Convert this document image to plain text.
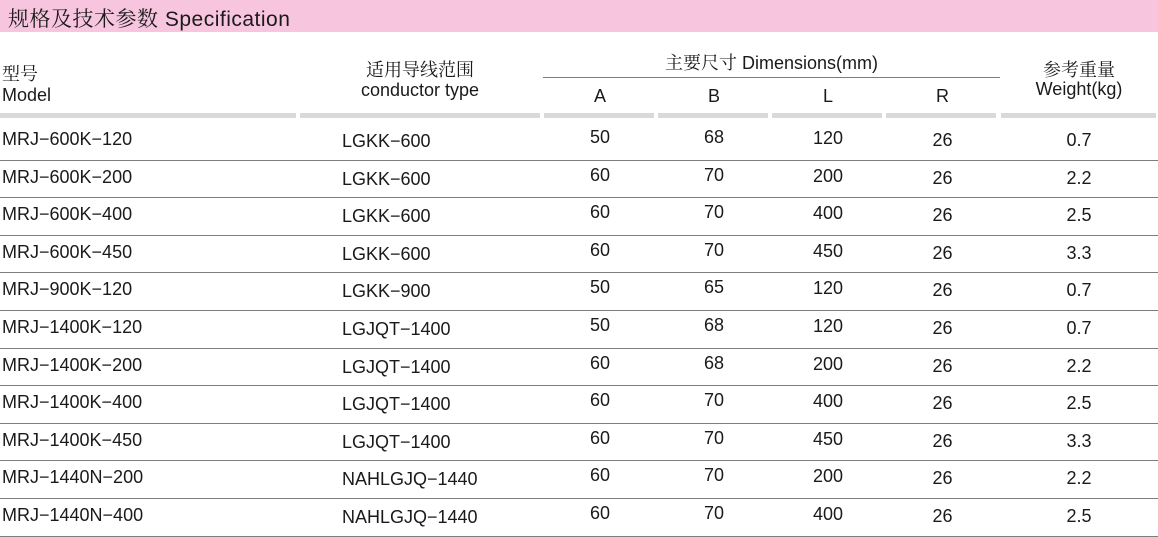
规格及技术参数 Specification
型号
Model
适用导线范围
conductor type
主要尺寸 Dimensions(mm)
A	B	L	R
参考重量
Weight(kg)
MRJ−600K−120	LGKK−600	50	68	120	26	0.7
MRJ−600K−200	LGKK−600	60	70	200	26	2.2
MRJ−600K−400	LGKK−600	60	70	400	26	2.5
MRJ−600K−450	LGKK−600	60	70	450	26	3.3
MRJ−900K−120	LGKK−900	50	65	120	26	0.7
MRJ−1400K−120	LGJQT−1400	50	68	120	26	0.7
MRJ−1400K−200	LGJQT−1400	60	68	200	26	2.2
MRJ−1400K−400	LGJQT−1400	60	70	400	26	2.5
MRJ−1400K−450	LGJQT−1400	60	70	450	26	3.3
MRJ−1440N−200	NAHLGJQ−1440	60	70	200	26	2.2
MRJ−1440N−400	NAHLGJQ−1440	60	70	400	26	2.5
